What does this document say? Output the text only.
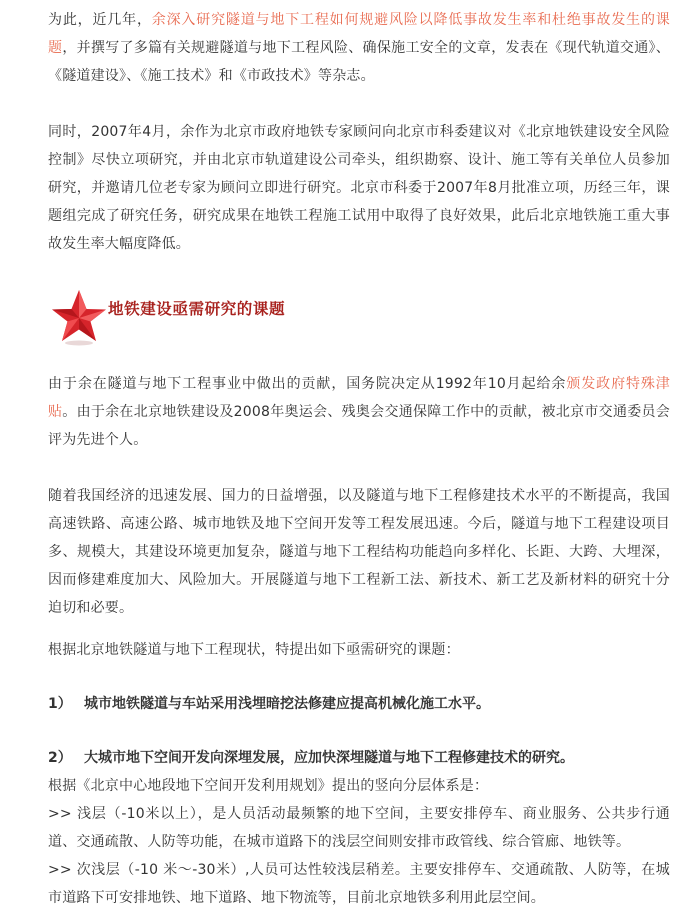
为此，近几年，余深入研究隧道与地下工程如何规避风险以降低事故发生率和杜绝事故发生的课题，并撰写了多篇有关规避隧道与地下工程风险、确保施工安全的文章，发表在《现代轨道交通》、《隧道建设》、《施工技术》和《市政技术》等杂志。

同时，2007年4月，余作为北京市政府地铁专家顾问向北京市科委建议对《北京地铁建设安全风险控制》尽快立项研究，并由北京市轨道建设公司牵头，组织勘察、设计、施工等有关单位人员参加研究，并邀请几位老专家为顾问立即进行研究。北京市科委于2007年8月批准立项，历经三年，课题组完成了研究任务，研究成果在地铁工程施工试用中取得了良好效果，此后北京地铁施工重大事故发生率大幅度降低。

地铁建设亟需研究的课题

由于余在隧道与地下工程事业中做出的贡献，国务院决定从1992年10月起给余颁发政府特殊津贴。由于余在北京地铁建设及2008年奥运会、残奥会交通保障工作中的贡献，被北京市交通委员会评为先进个人。

随着我国经济的迅速发展、国力的日益增强，以及隧道与地下工程修建技术水平的不断提高，我国高速铁路、高速公路、城市地铁及地下空间开发等工程发展迅速。今后，隧道与地下工程建设项目多、规模大，其建设环境更加复杂，隧道与地下工程结构功能趋向多样化、长距、大跨、大埋深，因而修建难度加大、风险加大。开展隧道与地下工程新工法、新技术、新工艺及新材料的研究十分迫切和必要。

根据北京地铁隧道与地下工程现状，特提出如下亟需研究的课题：

1） 城市地铁隧道与车站采用浅埋暗挖法修建应提高机械化施工水平。
2） 大城市地下空间开发向深埋发展，应加快深埋隧道与地下工程修建技术的研究。

根据《北京中心地段地下空间开发利用规划》提出的竖向分层体系是：

>> 浅层（-10米以上），是人员活动最频繁的地下空间，主要安排停车、商业服务、公共步行通道、交通疏散、人防等功能，在城市道路下的浅层空间则安排市政管线、综合管廊、地铁等。

>> 次浅层（-10 米～-30米）,人员可达性较浅层稍差。主要安排停车、交通疏散、人防等，在城市道路下可安排地铁、地下道路、地下物流等，目前北京地铁多利用此层空间。
